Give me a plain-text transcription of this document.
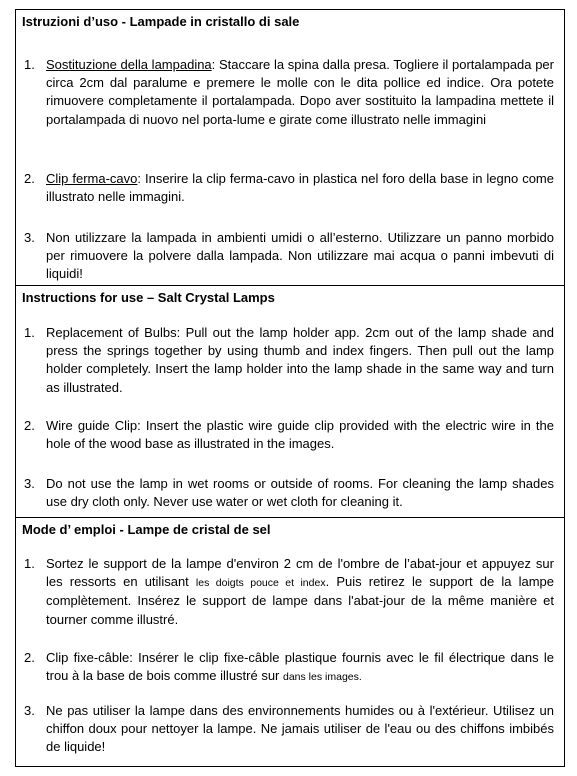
Istruzioni d’uso - Lampade in cristallo di sale
1. Sostituzione della lampadina: Staccare la spina dalla presa. Togliere il portalampada per circa 2cm dal paralume e premere le molle con le dita pollice ed indice. Ora potete rimuovere completamente il portalampada. Dopo aver sostituito la lampadina mettete il portalampada di nuovo nel porta-lume e girate come illustrato nelle immagini
2. Clip ferma-cavo: Inserire la clip ferma-cavo in plastica nel foro della base in legno come illustrato nelle immagini.
3. Non utilizzare la lampada in ambienti umidi o all’esterno. Utilizzare un panno morbido per rimuovere la polvere dalla lampada. Non utilizzare mai acqua o panni imbevuti di liquidi!
Instructions for use – Salt Crystal Lamps
1. Replacement of Bulbs: Pull out the lamp holder app. 2cm out of the lamp shade and press the springs together by using thumb and index fingers. Then pull out the lamp holder completely. Insert the lamp holder into the lamp shade in the same way and turn as illustrated.
2. Wire guide Clip: Insert the plastic wire guide clip provided with the electric wire in the hole of the wood base as illustrated in the images.
3. Do not use the lamp in wet rooms or outside of rooms. For cleaning the lamp shades use dry cloth only. Never use water or wet cloth for cleaning it.
Mode d’ emploi - Lampe de cristal de sel
1. Sortez le support de la lampe d'environ 2 cm de l'ombre de l’abat-jour et appuyez sur les ressorts en utilisant les doigts pouce et index. Puis retirez le support de la lampe complètement. Insérez le support de lampe dans l'abat-jour de la même manière et tourner comme illustré.
2. Clip fixe-câble: Insérer le clip fixe-câble plastique fournis avec le fil électrique dans le trou à la base de bois comme illustré sur dans les images.
3. Ne pas utiliser la lampe dans des environnements humides ou à l'extérieur. Utilisez un chiffon doux pour nettoyer la lampe. Ne jamais utiliser de l'eau ou des chiffons imbibés de liquide!
